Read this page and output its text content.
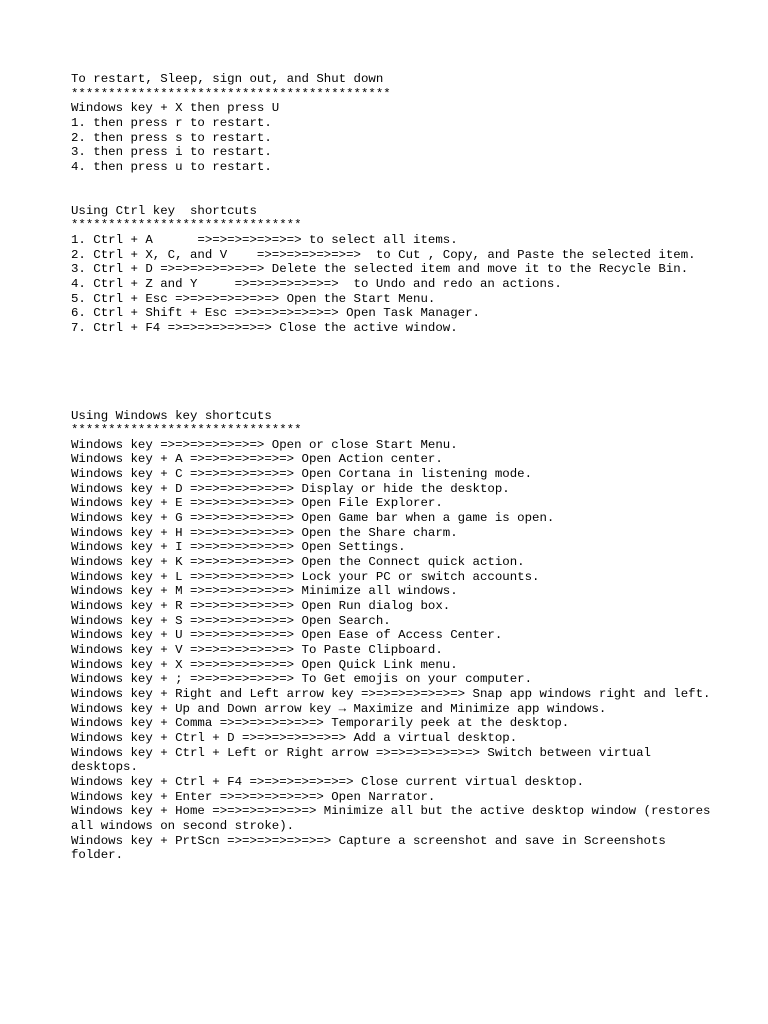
To restart, Sleep, sign out, and Shut down
*******************************************
Windows key + X then press U
1. then press r to restart.
2. then press s to restart.
3. then press i to restart.
4. then press u to restart.
Using Ctrl key  shortcuts
*******************************
1. Ctrl + A      =>=>=>=>=>=>=> to select all items.
2. Ctrl + X, C, and V    =>=>=>=>=>=>=>  to Cut , Copy, and Paste the selected item.
3. Ctrl + D =>=>=>=>=>=>=> Delete the selected item and move it to the Recycle Bin.
4. Ctrl + Z and Y     =>=>=>=>=>=>=>  to Undo and redo an actions.
5. Ctrl + Esc =>=>=>=>=>=>=> Open the Start Menu.
6. Ctrl + Shift + Esc =>=>=>=>=>=>=> Open Task Manager.
7. Ctrl + F4 =>=>=>=>=>=>=> Close the active window.
Using Windows key shortcuts
*******************************
Windows key =>=>=>=>=>=>=> Open or close Start Menu.
Windows key + A =>=>=>=>=>=>=> Open Action center.
Windows key + C =>=>=>=>=>=>=> Open Cortana in listening mode.
Windows key + D =>=>=>=>=>=>=> Display or hide the desktop.
Windows key + E =>=>=>=>=>=>=> Open File Explorer.
Windows key + G =>=>=>=>=>=>=> Open Game bar when a game is open.
Windows key + H =>=>=>=>=>=>=> Open the Share charm.
Windows key + I =>=>=>=>=>=>=> Open Settings.
Windows key + K =>=>=>=>=>=>=> Open the Connect quick action.
Windows key + L =>=>=>=>=>=>=> Lock your PC or switch accounts.
Windows key + M =>=>=>=>=>=>=> Minimize all windows.
Windows key + R =>=>=>=>=>=>=> Open Run dialog box.
Windows key + S =>=>=>=>=>=>=> Open Search.
Windows key + U =>=>=>=>=>=>=> Open Ease of Access Center.
Windows key + V =>=>=>=>=>=>=> To Paste Clipboard.
Windows key + X =>=>=>=>=>=>=> Open Quick Link menu.
Windows key + ; =>=>=>=>=>=>=> To Get emojis on your computer.
Windows key + Right and Left arrow key =>=>=>=>=>=>=> Snap app windows right and left.
Windows key + Up and Down arrow key → Maximize and Minimize app windows.
Windows key + Comma =>=>=>=>=>=>=> Temporarily peek at the desktop.
Windows key + Ctrl + D =>=>=>=>=>=>=> Add a virtual desktop.
Windows key + Ctrl + Left or Right arrow =>=>=>=>=>=>=> Switch between virtual desktops.
Windows key + Ctrl + F4 =>=>=>=>=>=>=> Close current virtual desktop.
Windows key + Enter =>=>=>=>=>=>=> Open Narrator.
Windows key + Home =>=>=>=>=>=>=> Minimize all but the active desktop window (restores all windows on second stroke).
Windows key + PrtScn =>=>=>=>=>=>=> Capture a screenshot and save in Screenshots folder.
